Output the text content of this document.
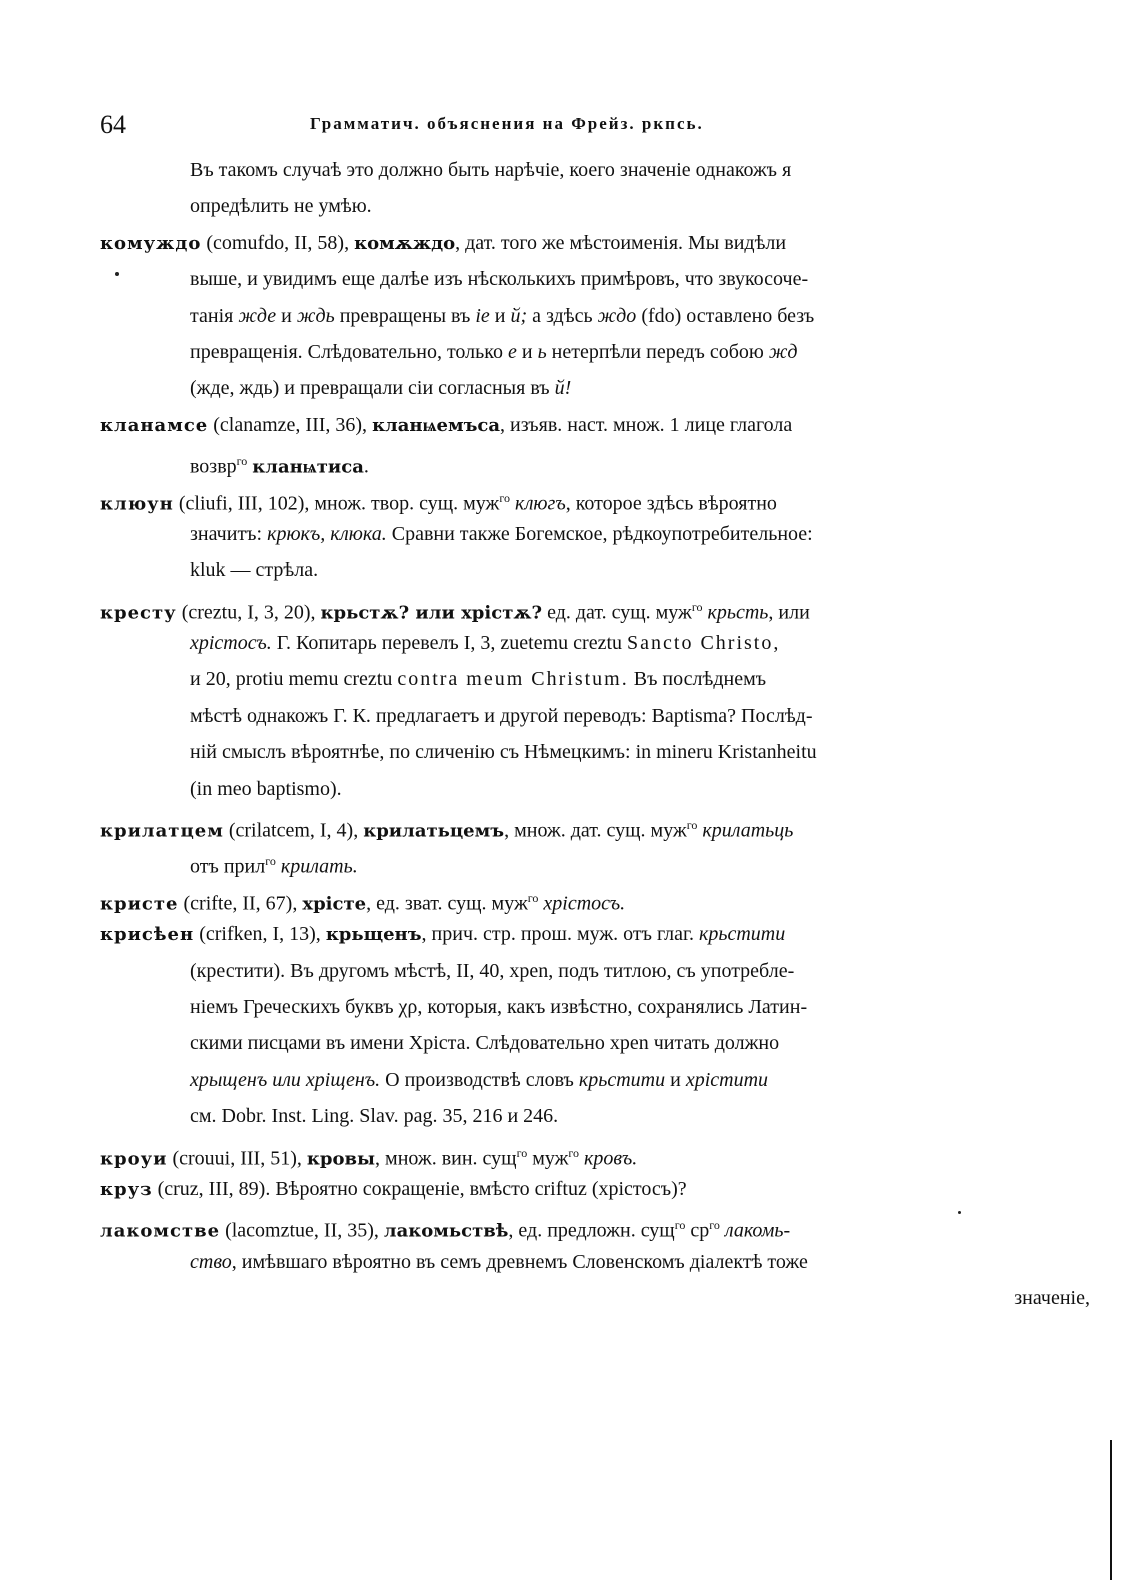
64	Грамматич. объяснения на Фрейз. ркпсь.
Въ такомъ случаѣ это должно быть нарѣчіе, коего значеніе однакожъ я
опредѣлить не умѣю.
комуждо (comufdo, II, 58), комѫждо, дат. того же мѣстоименія. Мы видѣли
выше, и увидимъ еще далѣе изъ нѣсколькихъ примѣровъ, что звукосоче-
танія жде и ждь превращены въ іе и й; а здѣсь ждо (fdo) оставлено безъ
превращенія. Слѣдовательно, только е и ь нетерпѣли передъ собою жд
(жде, ждь) и превращали сіи согласныя въ й!
кланамсе (clanamze, III, 36), кланѩемъса, изъяв. наст. множ. 1 лице глагола
возвр$^{го}$ кланѩтиса.
клюун (cliufi, III, 102), множ. твор. сущ. муж$^{го}$ клюгъ, которое здѣсь вѣроятно
значитъ: крюкъ, клюка. Сравни также Богемское, рѣдкоупотребительное:
kluk — стрѣла.
кресту (creztu, I, 3, 20), крьстѫ? или хрістѫ? ед. дат. сущ. муж$^{го}$ крьсть, или
хрістосъ. Г. Копитарь перевелъ I, 3, zuetemu creztu Sancto Christo,
и 20, protiu memu creztu contra meum Christum. Въ послѣднемъ
мѣстѣ однакожъ Г. К. предлагаетъ и другой переводъ: Baptisma? Послѣд-
ній смыслъ вѣроятнѣе, по сличенію съ Нѣмецкимъ: in mineru Kristanheitu
(in meo baptismo).
крилатцем (crilatcem, I, 4), крилатьцемъ, множ. дат. сущ. муж$^{го}$ крилатьць
отъ прил$^{го}$ крилать.
кристе (crifte, II, 67), хрісте, ед. зват. сущ. муж$^{го}$ хрістосъ.
крисѣен (crifken, I, 13), крьщенъ, прич. стр. прош. муж. отъ глаг. крьстити
(крестити). Въ другомъ мѣстѣ, II, 40, хрen, подъ титлою, съ употребле-
ніемъ Греческихъ буквъ χρ, которыя, какъ извѣстно, сохранялись Латин-
скими писцами въ имени Хріста. Слѣдовательно хрen читать должно
хрыщенъ или хріщенъ. О производствѣ словъ крьстити и хрістити
см. Dobr. Inst. Ling. Slav. pag. 35, 216 и 246.
кроуи (crouui, III, 51), кровы, множ. вин. сущ$^{го}$ муж$^{го}$ кровъ.
круз (cruz, III, 89). Вѣроятно сокращеніе, вмѣсто criftuz (хрістосъ)?
лакомстве (lacomztue, II, 35), лакомьствѣ, ед. предложн. сущ$^{го}$ $ср^{го}$ лакомь-
ство, имѣвшаго вѣроятно въ семъ древнемъ Словенскомъ діалектѣ тоже
значеніе,
